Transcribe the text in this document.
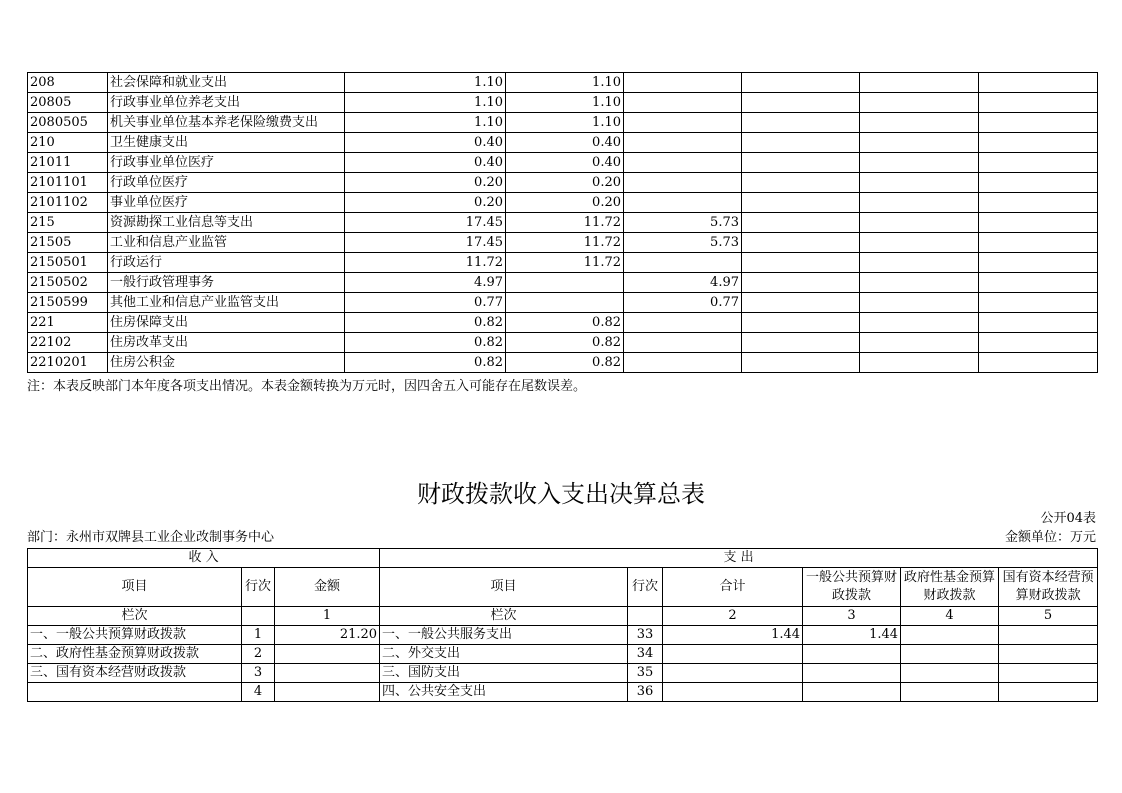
208	社会保障和就业支出	1.10	1.10				
20805	行政事业单位养老支出	1.10	1.10				
2080505	机关事业单位基本养老保险缴费支出	1.10	1.10				
210	卫生健康支出	0.40	0.40				
21011	行政事业单位医疗	0.40	0.40				
2101101	行政单位医疗	0.20	0.20				
2101102	事业单位医疗	0.20	0.20				
215	资源勘探工业信息等支出	17.45	11.72	5.73			
21505	工业和信息产业监管	17.45	11.72	5.73			
2150501	行政运行	11.72	11.72				
2150502	一般行政管理事务	4.97		4.97			
2150599	其他工业和信息产业监管支出	0.77		0.77			
221	住房保障支出	0.82	0.82				
22102	住房改革支出	0.82	0.82				
2210201	住房公积金	0.82	0.82				
注：本表反映部门本年度各项支出情况。本表金额转换为万元时，因四舍五入可能存在尾数误差。
财政拨款收入支出决算总表
公开04表
部门：永州市双牌县工业企业改制事务中心	金额单位：万元
收 入			支 出					
项目	行次	金额	项目	行次	合计	一般公共预算财政拨款	政府性基金预算财政拨款	国有资本经营预算财政拨款
栏次		1	栏次		2	3	4	5
一、一般公共预算财政拨款	1	21.20	一、一般公共服务支出	33	1.44	1.44		
二、政府性基金预算财政拨款	2		二、外交支出	34				
三、国有资本经营财政拨款	3		三、国防支出	35				
	4		四、公共安全支出	36				
